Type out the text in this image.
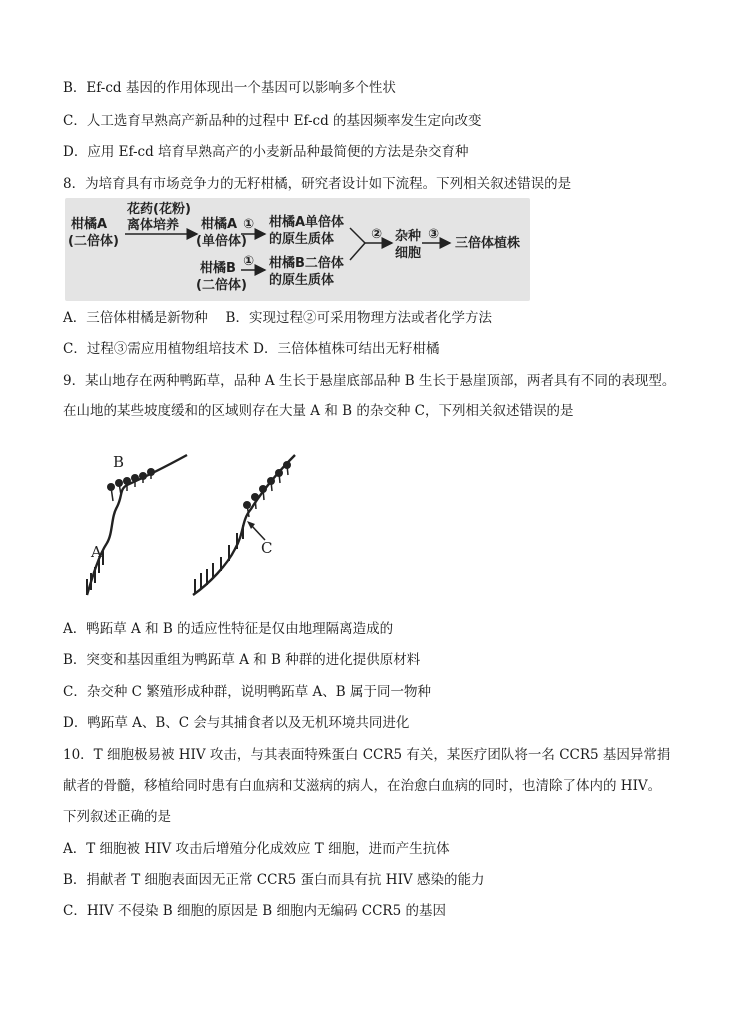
B．Ef-cd 基因的作用体现出一个基因可以影响多个性状
C．人工选育早熟高产新品种的过程中 Ef-cd 的基因频率发生定向改变
D．应用 Ef-cd 培育早熟高产的小麦新品种最简便的方法是杂交育种
8．为培育具有市场竞争力的无籽柑橘，研究者设计如下流程。下列相关叙述错误的是
柑橘A
(二倍体)
花药(花粉)
离体培养 柑橘A
(单倍体)
① 柑橘A单倍体
的原生质体	② 杂种
细胞
③
三倍体植株
柑橘B
(二倍体)
① 柑橘B二倍体
的原生质体
A．三倍体柑橘是新物种　 B．实现过程②可采用物理方法或者化学方法
C．过程③需应用植物组培技术 D．三倍体植株可结出无籽柑橘
9．某山地存在两种鸭跖草，品种 A 生长于悬崖底部品种 B 生长于悬崖顶部，两者具有不同的表现型。
在山地的某些坡度缓和的区域则存在大量 A 和 B 的杂交种 C，下列相关叙述错误的是
B
A	C
A．鸭跖草 A 和 B 的适应性特征是仅由地理隔离造成的
B．突变和基因重组为鸭跖草 A 和 B 种群的进化提供原材料
C．杂交种 C 繁殖形成种群，说明鸭跖草 A、B 属于同一物种
D．鸭跖草 A、B、C 会与其捕食者以及无机环境共同进化
10．T 细胞极易被 HIV 攻击，与其表面特殊蛋白 CCR5 有关，某医疗团队将一名 CCR5 基因异常捐
献者的骨髓，移植给同时患有白血病和艾滋病的病人，在治愈白血病的同时，也清除了体内的 HIV。
下列叙述正确的是
A．T 细胞被 HIV 攻击后增殖分化成效应 T 细胞，进而产生抗体
B．捐献者 T 细胞表面因无正常 CCR5 蛋白而具有抗 HIV 感染的能力
C．HIV 不侵染 B 细胞的原因是 B 细胞内无编码 CCR5 的基因
